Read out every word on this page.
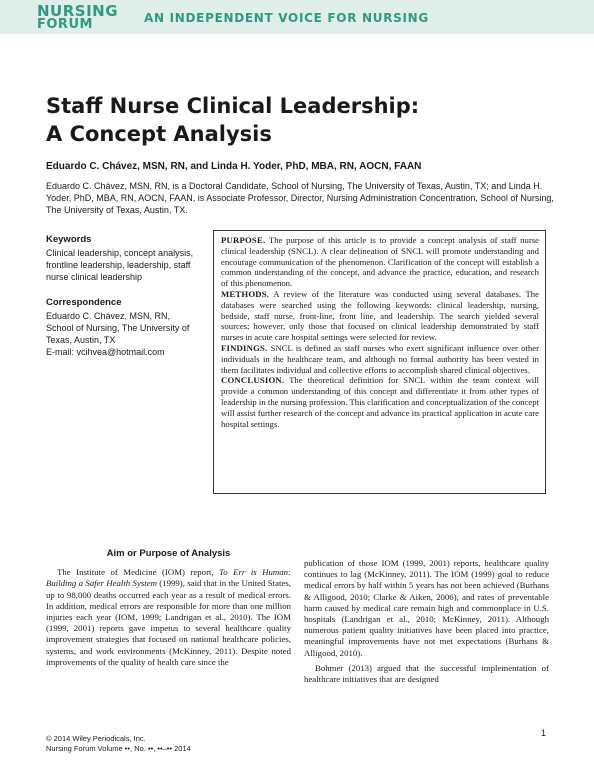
NURSING
FORUM	AN INDEPENDENT VOICE FOR NURSING
Staff Nurse Clinical Leadership:
A Concept Analysis
Eduardo C. Chávez, MSN, RN, and Linda H. Yoder, PhD, MBA, RN, AOCN, FAAN
Eduardo C. Chávez, MSN, RN, is a Doctoral Candidate, School of Nursing, The University of Texas, Austin, TX; and Linda H. Yoder, PhD, MBA, RN, AOCN, FAAN, is Associate Professor, Director, Nursing Administration Concentration, School of Nursing, The University of Texas, Austin, TX.
Keywords
Clinical leadership, concept analysis, frontline leadership, leadership, staff nurse clinical leadership
Correspondence
Eduardo C. Chávez, MSN, RN,
School of Nursing, The University of Texas, Austin, TX
E-mail: vcihvea@hotmail.com

PURPOSE. The purpose of this article is to provide a concept analysis of staff nurse clinical leadership (SNCL). A clear delineation of SNCL will promote understanding and encourage communication of the phenomenon. Clarification of the concept will establish a common understanding of the concept, and advance the practice, education, and research of this phenomenon.

METHODS. A review of the literature was conducted using several databases. The databases were searched using the following keywords: clinical leadership, nursing, bedside, staff nurse, front-line, front line, and leadership. The search yielded several sources; however, only those that focused on clinical leadership demonstrated by staff nurses in acute care hospital settings were selected for review.

FINDINGS. SNCL is defined as staff nurses who exert significant influence over other individuals in the healthcare team, and although no formal authority has been vested in them facilitates individual and collective efforts to accomplish shared clinical objectives.

CONCLUSION. The theoretical definition for SNCL within the team context will provide a common understanding of this concept and differentiate it from other types of leadership in the nursing profession. This clarification and conceptualization of the concept will assist further research of the concept and advance its practical application in acute care hospital settings.

Aim or Purpose of Analysis

The Institute of Medicine (IOM) report, To Err is Human: Building a Safer Health System (1999), said that in the United States, up to 98,000 deaths occurred each year as a result of medical errors. In addition, medical errors are responsible for more than one million injuries each year (IOM, 1999; Landrigan et al., 2010). The IOM (1999, 2001) reports gave impetus to several healthcare quality improvement strategies that focused on national healthcare policies, systems, and work environments (McKinney, 2011). Despite noted improvements of the quality of health care since the

publication of those IOM (1999, 2001) reports, healthcare quality continues to lag (McKinney, 2011). The IOM (1999) goal to reduce medical errors by half within 5 years has not been achieved (Burhans & Alligood, 2010; Clarke & Aiken, 2006), and rates of preventable harm caused by medical care remain high and commonplace in U.S. hospitals (Landrigan et al., 2010; McKinney, 2011). Although numerous patient quality initiatives have been placed into practice, meaningful improvements have not met expectations (Burhans & Alligood, 2010).

Bohmer (2013) argued that the successful implementation of healthcare initiatives that are designed

1
© 2014 Wiley Periodicals, Inc.
Nursing Forum Volume ••, No. ••, ••–•• 2014
